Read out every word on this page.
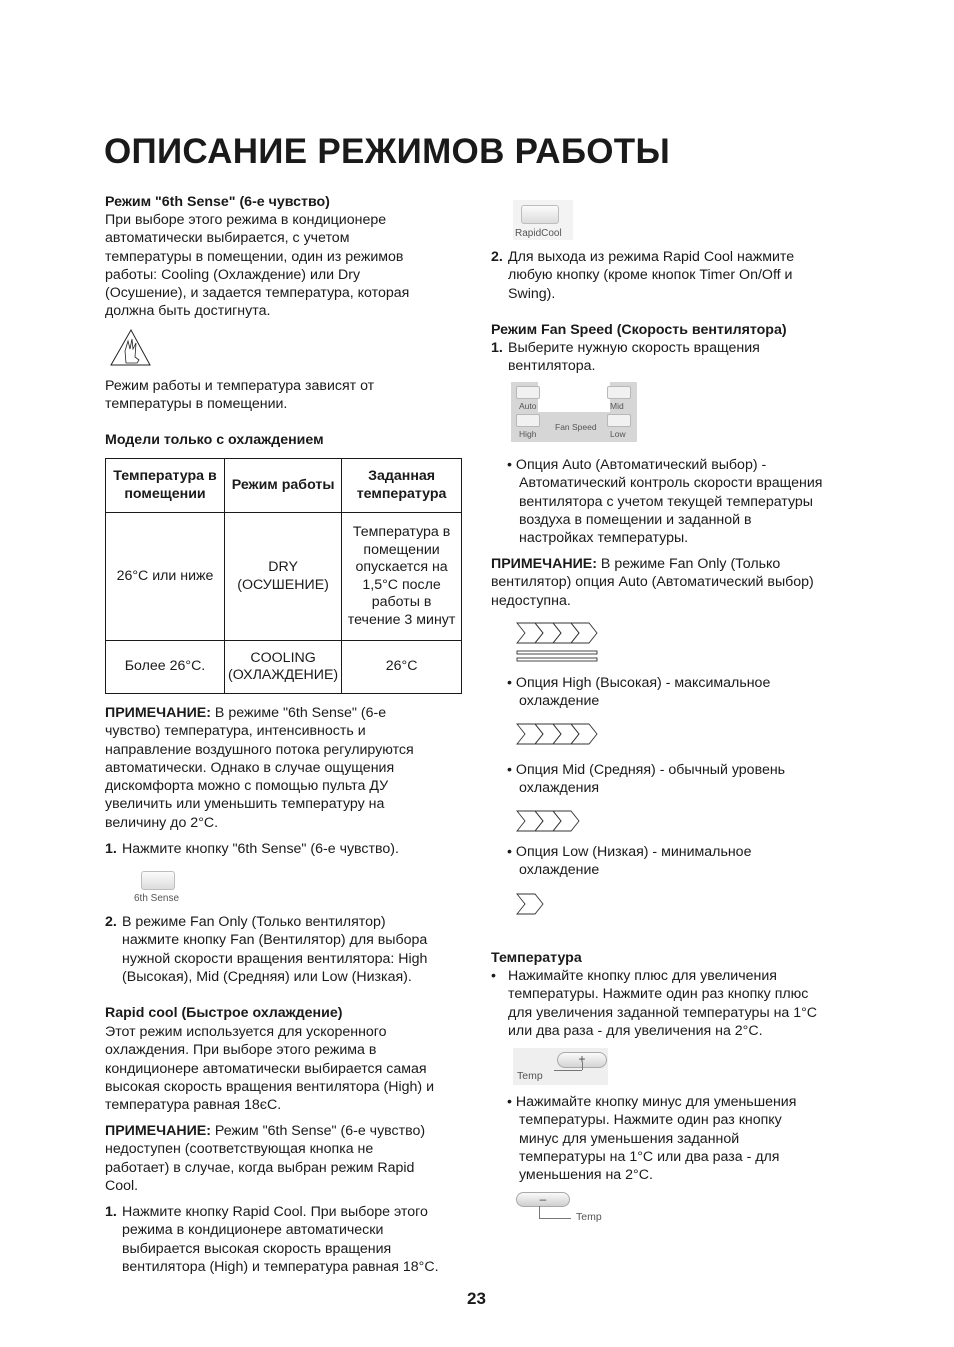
ОПИСАНИЕ РЕЖИМОВ РАБОТЫ
Режим "6th Sense" (6-е чувство)
При выборе этого режима в кондиционере
автоматически выбирается, с учетом
температуры в помещении, один из режимов
работы: Cooling (Охлаждение) или Dry
(Осушение), и задается температура, которая
должна быть достигнута.
Режим работы и температура зависят от
температуры в помещении.
Модели только с охлаждением
Температура в помещении	Режим работы	Заданная температура
26°C или ниже	DRY (ОСУШЕНИЕ)	Температура в помещении опускается на 1,5°C после работы в течение 3 минут
Более 26°C.	COOLING (ОХЛАЖДЕНИЕ)	26°C
ПРИМЕЧАНИЕ: В режиме "6th Sense" (6-е
чувство) температура, интенсивность и
направление воздушного потока регулируются
автоматически. Однако в случае ощущения
дискомфорта можно с помощью пульта ДУ
увеличить или уменьшить температуру на
величину до 2°C.
1. Нажмите кнопку "6th Sense" (6-е чувство).
6th Sense
2. В режиме Fan Only (Только вентилятор)
нажмите кнопку Fan (Вентилятор) для выбора
нужной скорости вращения вентилятора: High
(Высокая), Mid (Средняя) или Low (Низкая).
Rapid cool (Быстрое охлаждение)
Этот режим используется для ускоренного
охлаждения. При выборе этого режима в
кондиционере автоматически выбирается самая
высокая скорость вращения вентилятора (High) и
температура равная 18єC.
ПРИМЕЧАНИЕ: Режим "6th Sense" (6-е чувство)
недоступен (соответствующая кнопка не
работает) в случае, когда выбран режим Rapid
Cool.
1. Нажмите кнопку Rapid Cool. При выборе этого
режима в кондиционере автоматически
выбирается высокая скорость вращения
вентилятора (High) и температура равная 18°C.
RapidCool
2. Для выхода из режима Rapid Cool нажмите
любую кнопку (кроме кнопок Timer On/Off и
Swing).
Режим Fan Speed (Скорость вентилятора)
1. Выберите нужную скорость вращения
вентилятора.
Auto	Mid
High	Low
Fan Speed
• Опция Auto (Автоматический выбор) -
Автоматический контроль скорости вращения
вентилятора с учетом текущей температуры
воздуха в помещении и заданной в
настройках температуры.
ПРИМЕЧАНИЕ: В режиме Fan Only (Только
вентилятор) опция Auto (Автоматический выбор)
недоступна.
• Опция High (Высокая) - максимальное
охлаждение
• Опция Mid (Средняя) - обычный уровень
охлаждения
• Опция Low (Низкая) - минимальное
охлаждение
Температура
• Нажимайте кнопку плюс для увеличения
температуры. Нажмите один раз кнопку плюс
для увеличения заданной температуры на 1°C
или два раза - для увеличения на 2°C.
+
Temp
• Нажимайте кнопку минус для уменьшения
температуры. Нажмите один раз кнопку
минус для уменьшения заданной
температуры на 1°C или два раза - для
уменьшения на 2°C.
–
Temp
23
